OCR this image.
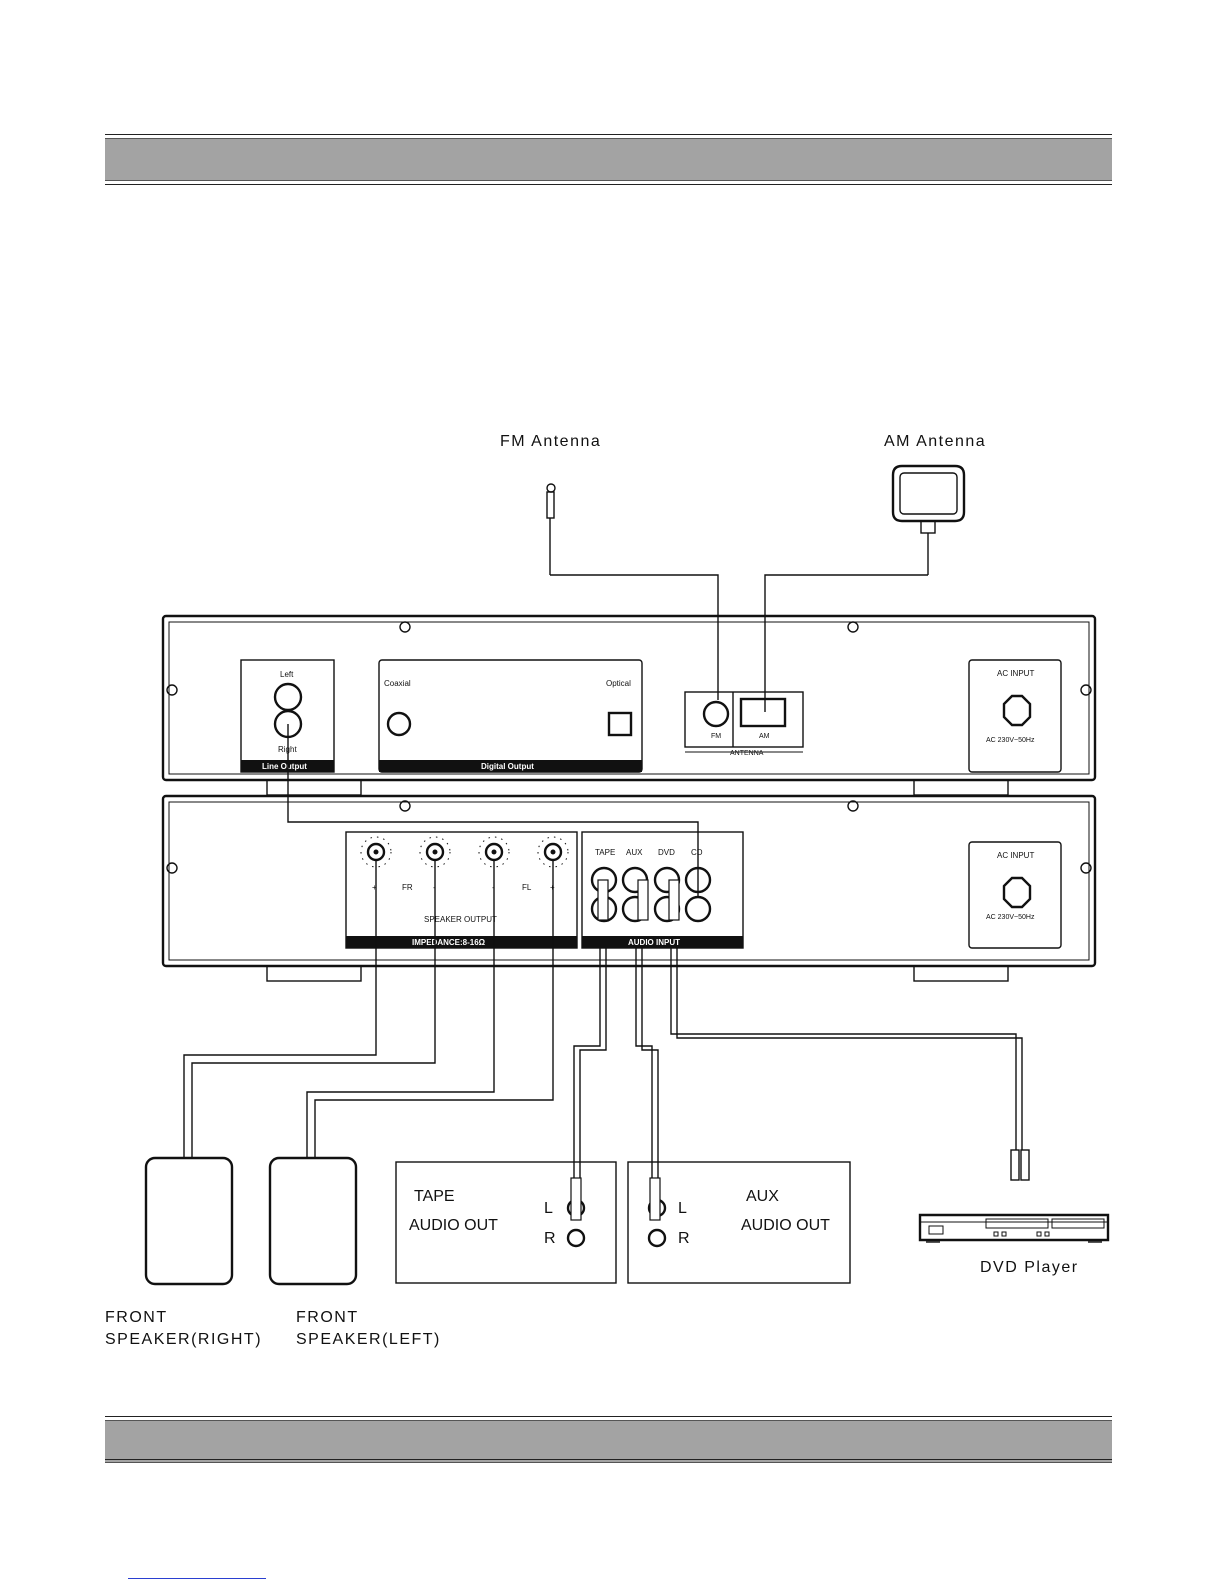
FM Antenna	AM Antenna
Left
Right
Line Output
Coaxial	Optical
Digital Output
FM	AM
ANTENNA
AC INPUT
AC 230V~50Hz
+	FR	-	-	FL +
SPEAKER OUTPUT
IMPEDANCE:8-16Ω
TAPE AUX DVD CD
AUDIO INPUT
AC INPUT
AC 230V~50Hz
FRONT
SPEAKER(RIGHT)
FRONT
SPEAKER(LEFT)
TAPE
AUDIO OUT
L
R
AUX
AUDIO OUT
L
R
DVD Player
